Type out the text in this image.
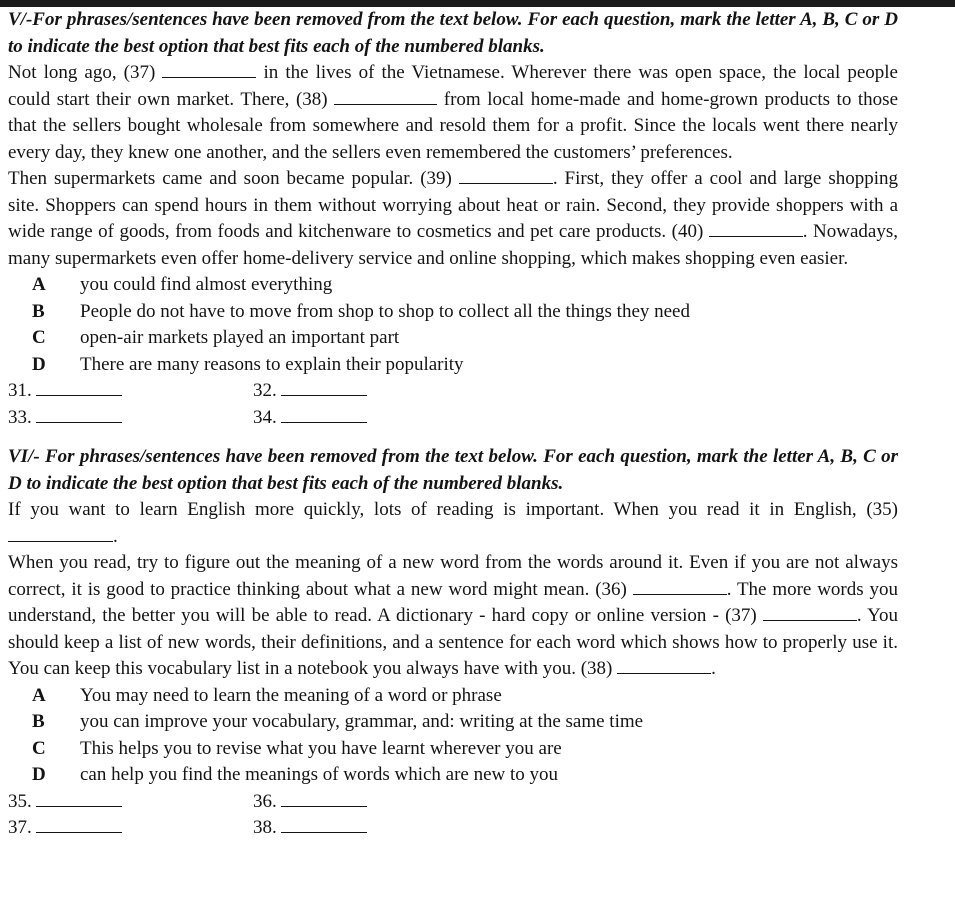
V/-For phrases/sentences have been removed from the text below. For each question, mark the letter A, B, C or D to indicate the best option that best fits each of the numbered blanks.

Not long ago, (37)	in the lives of the Vietnamese. Wherever there was open space, the local people could start their own market. There, (38)	from local home-made and home-grown products to those that the sellers bought wholesale from somewhere and resold them for a profit. Since the locals went there nearly every day, they knew one another, and the sellers even remembered the customers’ preferences.

Then supermarkets came and soon became popular. (39)	. First, they offer a cool and large shopping site. Shoppers can spend hours in them without worrying about heat or rain. Second, they provide shoppers with a wide range of goods, from foods and kitchenware to cosmetics and pet care products. (40)	. Nowadays, many supermarkets even offer home-delivery service and online shopping, which makes shopping even easier.

A	you could find almost everything
B	People do not have to move from shop to shop to collect all the things they need
C	open-air markets played an important part
D	There are many reasons to explain their popularity
31.	32.
33.	34.

VI/- For phrases/sentences have been removed from the text below. For each question, mark the letter A, B, C or D to indicate the best option that best fits each of the numbered blanks.

If you want to learn English more quickly, lots of reading is important. When you read it in English, (35) .

When you read, try to figure out the meaning of a new word from the words around it. Even if you are not always correct, it is good to practice thinking about what a new word might mean. (36)	. The more words you understand, the better you will be able to read. A dictionary - hard copy or online version - (37)	. You should keep a list of new words, their definitions, and a sentence for each word which shows how to properly use it. You can keep this vocabulary list in a notebook you always have with you. (38)	.

A	You may need to learn the meaning of a word or phrase
B	you can improve your vocabulary, grammar, and: writing at the same time
C	This helps you to revise what you have learnt wherever you are
D	can help you find the meanings of words which are new to you
35.	36.
37.	38.
